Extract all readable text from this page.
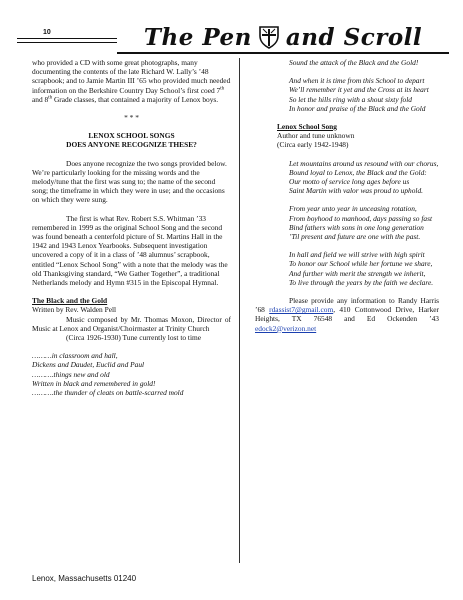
10	The Pen and Scroll

who provided a CD with some great photographs, many documenting the contents of the late Richard W. Lally’s ’48 scrapbook; and to Jamie Martin III ’65 who provided much needed information on the Berkshire Country Day School’s first coed 7th and 8th Grade classes, that contained a majority of Lenox boys.

* * *

LENOX SCHOOL SONGS

DOES ANYONE RECOGNIZE THESE?

Does anyone recognize the two songs provided below. We’re particularly looking for the missing words and the melody/tune that the first was sung to; the name of the second song; the timeframe in which they were in use; and the occasions on which they were sung.

The first is what Rev. Robert S.S. Whitman ’33 remembered in 1999 as the original School Song and the second was found beneath a centerfold picture of St. Martins Hall in the 1942 and 1943 Lenox Yearbooks. Subsequent investigation uncovered a copy of it in a class of ’48 alumnus’ scrapbook, entitled “Lenox School Song” with a note that the melody was the old Thanksgiving standard, “We Gather Together”, a traditional Netherlands melody and Hymn #315 in the Episcopal Hymnal.

The Black and the Gold

Written by Rev. Walden Pell

Music composed by Mr. Thomas Moxon, Director of Music at Lenox and Organist/Choirmaster at Trinity Church

(Circa 1926-1930) Tune currently lost to time

………in classroom and hall,

Dickens and Daudet, Euclid and Paul

……….things new and old

Written in black and remembered in gold!

……….the thunder of cleats on battle-scarred mold

Sound the attack of the Black and the Gold!

And when it is time from this School to depart

We’ll remember it yet and the Cross at its heart

So let the hills ring with a shout sixty fold

In honor and praise of the Black and the Gold

Lenox School Song

Author and tune unknown

(Circa early 1942-1948)

Let mountains around us resound with our chorus,

Bound loyal to Lenox, the Black and the Gold:

Our motto of service long ages before us

Saint Martin with valor was proud to uphold.

From year unto year in unceasing rotation,

From boyhood to manhood, days passing so fast

Bind fathers with sons in one long generation

’Til present and future are one with the past.

In hall and field we will strive with high spirit

To honor our School while her fortune we share,

And further with merit the strength we inherit,

To live through the years by the faith we declare.

Please provide any information to Randy Harris ’68 rdassist7@gmail.com, 410 Cottonwood Drive, Harker Heights, TX 76548 and Ed Ockenden ’43 edock2@verizon.net

Lenox, Massachusetts 01240
